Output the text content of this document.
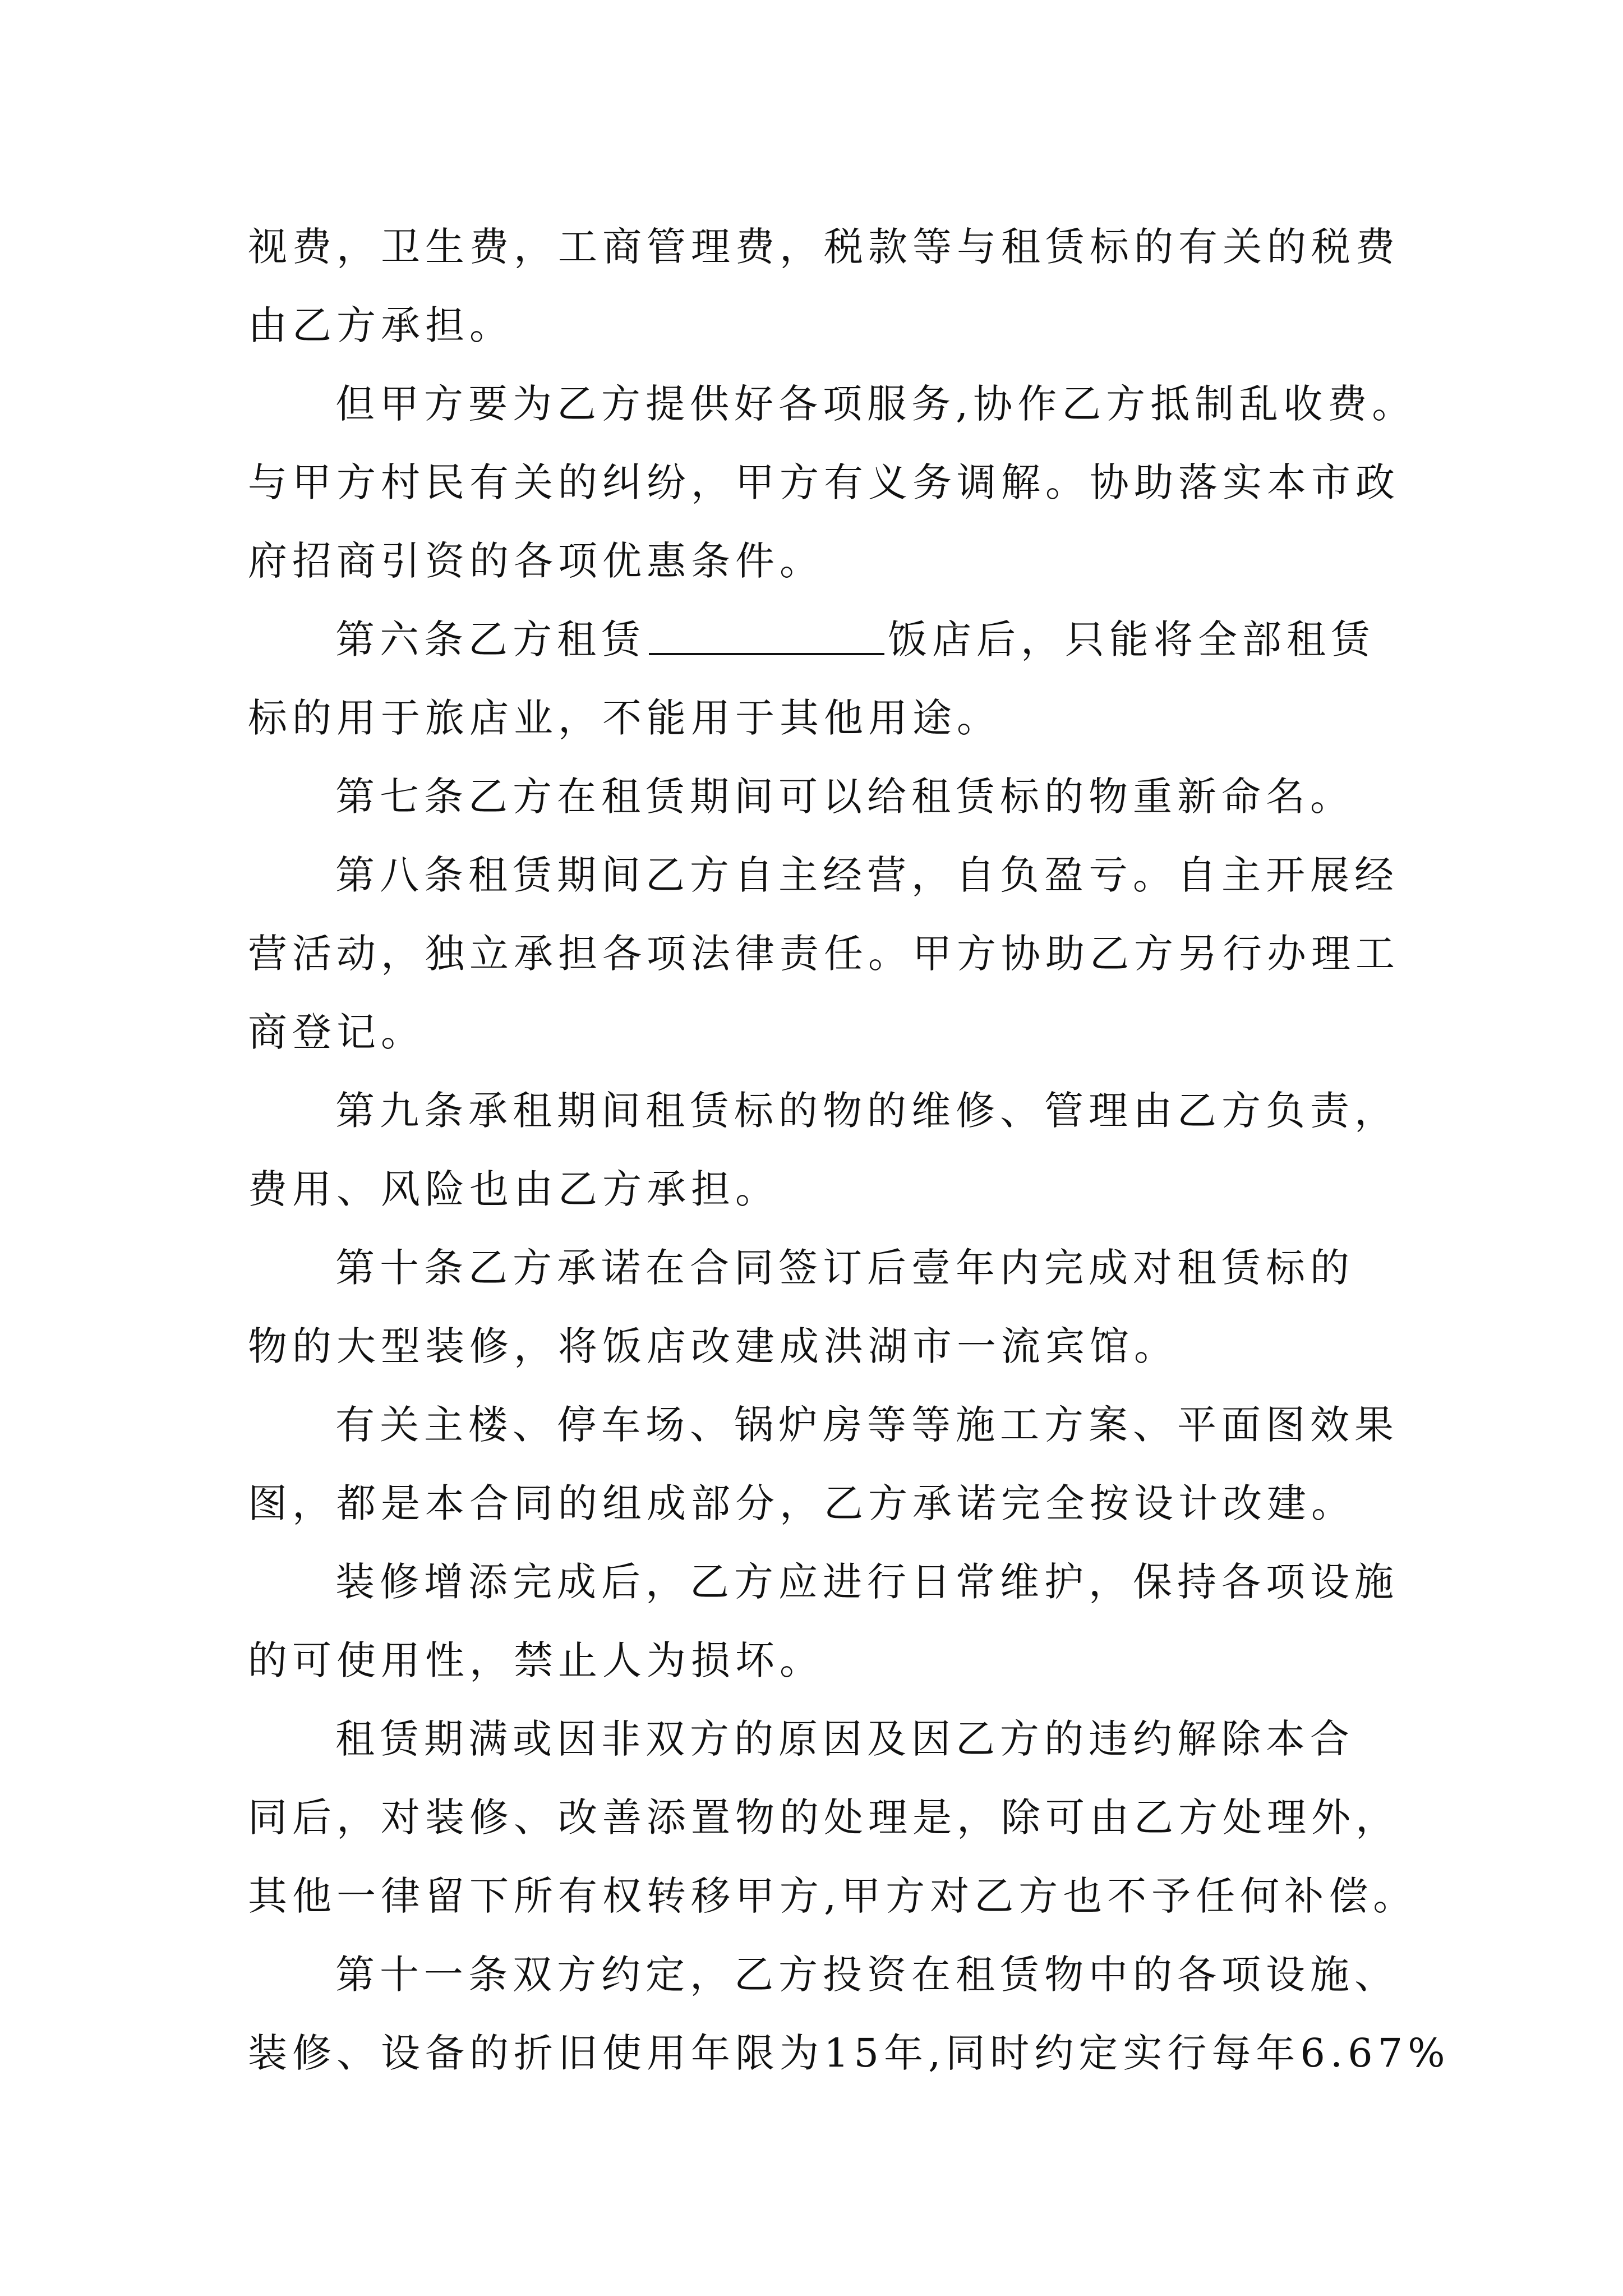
视费，卫生费，工商管理费，税款等与租赁标的有关的税费
由乙方承担。
但甲方要为乙方提供好各项服务,协作乙方抵制乱收费。
与甲方村民有关的纠纷，甲方有义务调解。协助落实本市政
府招商引资的各项优惠条件。
第六条乙方租赁	饭店后，只能将全部租赁
标的用于旅店业，不能用于其他用途。
第七条乙方在租赁期间可以给租赁标的物重新命名。
第八条租赁期间乙方自主经营，自负盈亏。自主开展经
营活动，独立承担各项法律责任。甲方协助乙方另行办理工
商登记。
第九条承租期间租赁标的物的维修、管理由乙方负责，
费用、风险也由乙方承担。
第十条乙方承诺在合同签订后壹年内完成对租赁标的
物的大型装修，将饭店改建成洪湖市一流宾馆。
有关主楼、停车场、锅炉房等等施工方案、平面图效果
图，都是本合同的组成部分，乙方承诺完全按设计改建。
装修增添完成后，乙方应进行日常维护，保持各项设施
的可使用性，禁止人为损坏。
租赁期满或因非双方的原因及因乙方的违约解除本合
同后，对装修、改善添置物的处理是，除可由乙方处理外，
其他一律留下所有权转移甲方,甲方对乙方也不予任何补偿。
第十一条双方约定，乙方投资在租赁物中的各项设施、
装修、设备的折旧使用年限为15年,同时约定实行每年6.67%
